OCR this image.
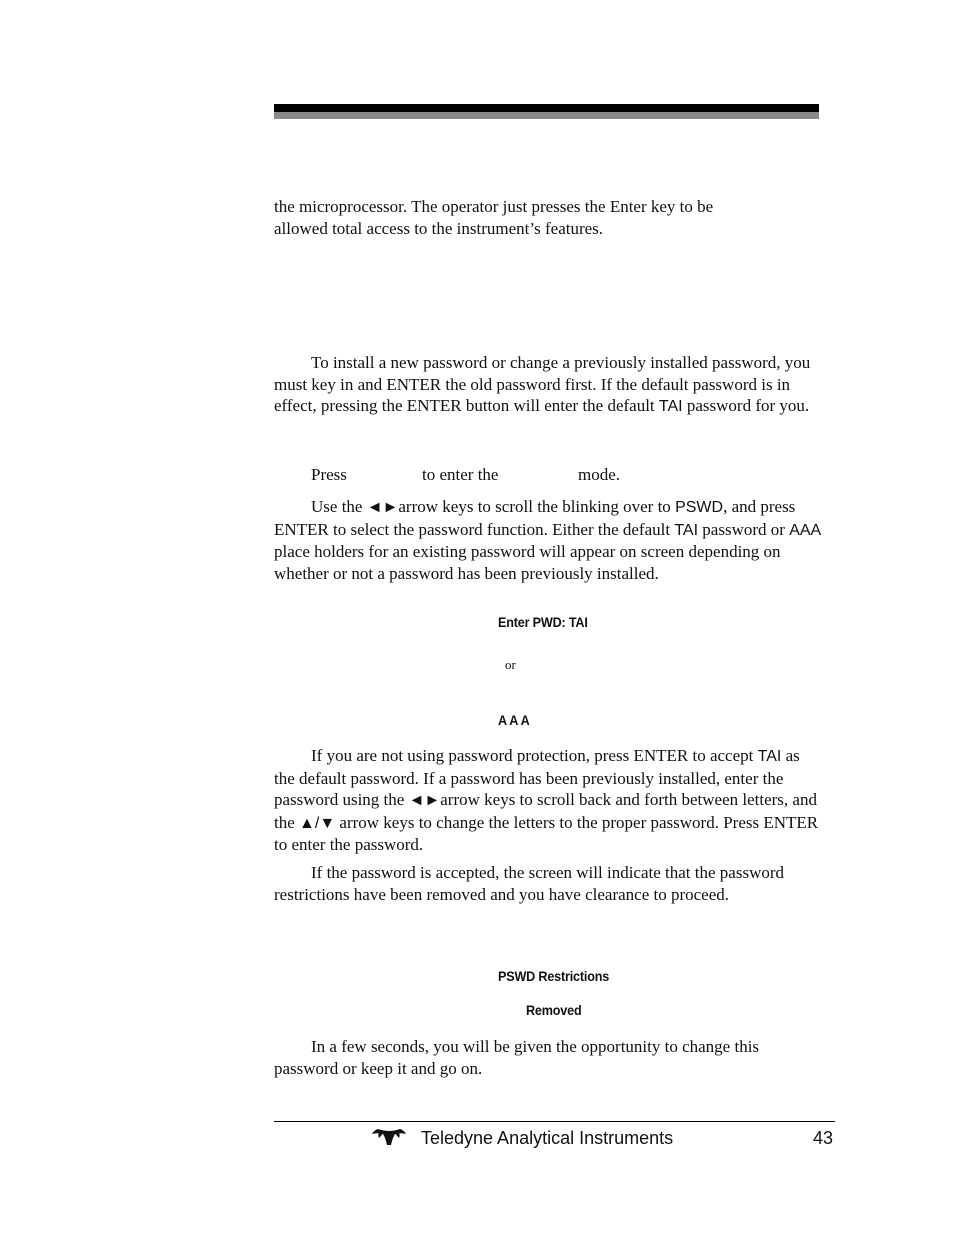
the microprocessor. The operator just presses the Enter key to be
allowed total access to the instrument’s features.

To install a new password or change a previously installed password, you must key in and ENTER the old password first. If the default password is in effect, pressing the ENTER button will enter the default TAI password for you.

Press	to enter the	mode.

Use the ◄►arrow keys to scroll the blinking over to PSWD, and press ENTER to select the password function. Either the default TAI password or AAA place holders for an existing password will appear on screen depending on whether or not a password has been previously installed.

Enter PWD: TAI
or
A A A

If you are not using password protection, press ENTER to accept TAI as the default password. If a password has been previously installed, enter the password using the ◄►arrow keys to scroll back and forth between letters, and the ▲/▼ arrow keys to change the letters to the proper password. Press ENTER to enter the password.

If the password is accepted, the screen will indicate that the password restrictions have been removed and you have clearance to proceed.

PSWD Restrictions
Removed

In a few seconds, you will be given the opportunity to change this password or keep it and go on.

Teledyne Analytical Instruments	43
